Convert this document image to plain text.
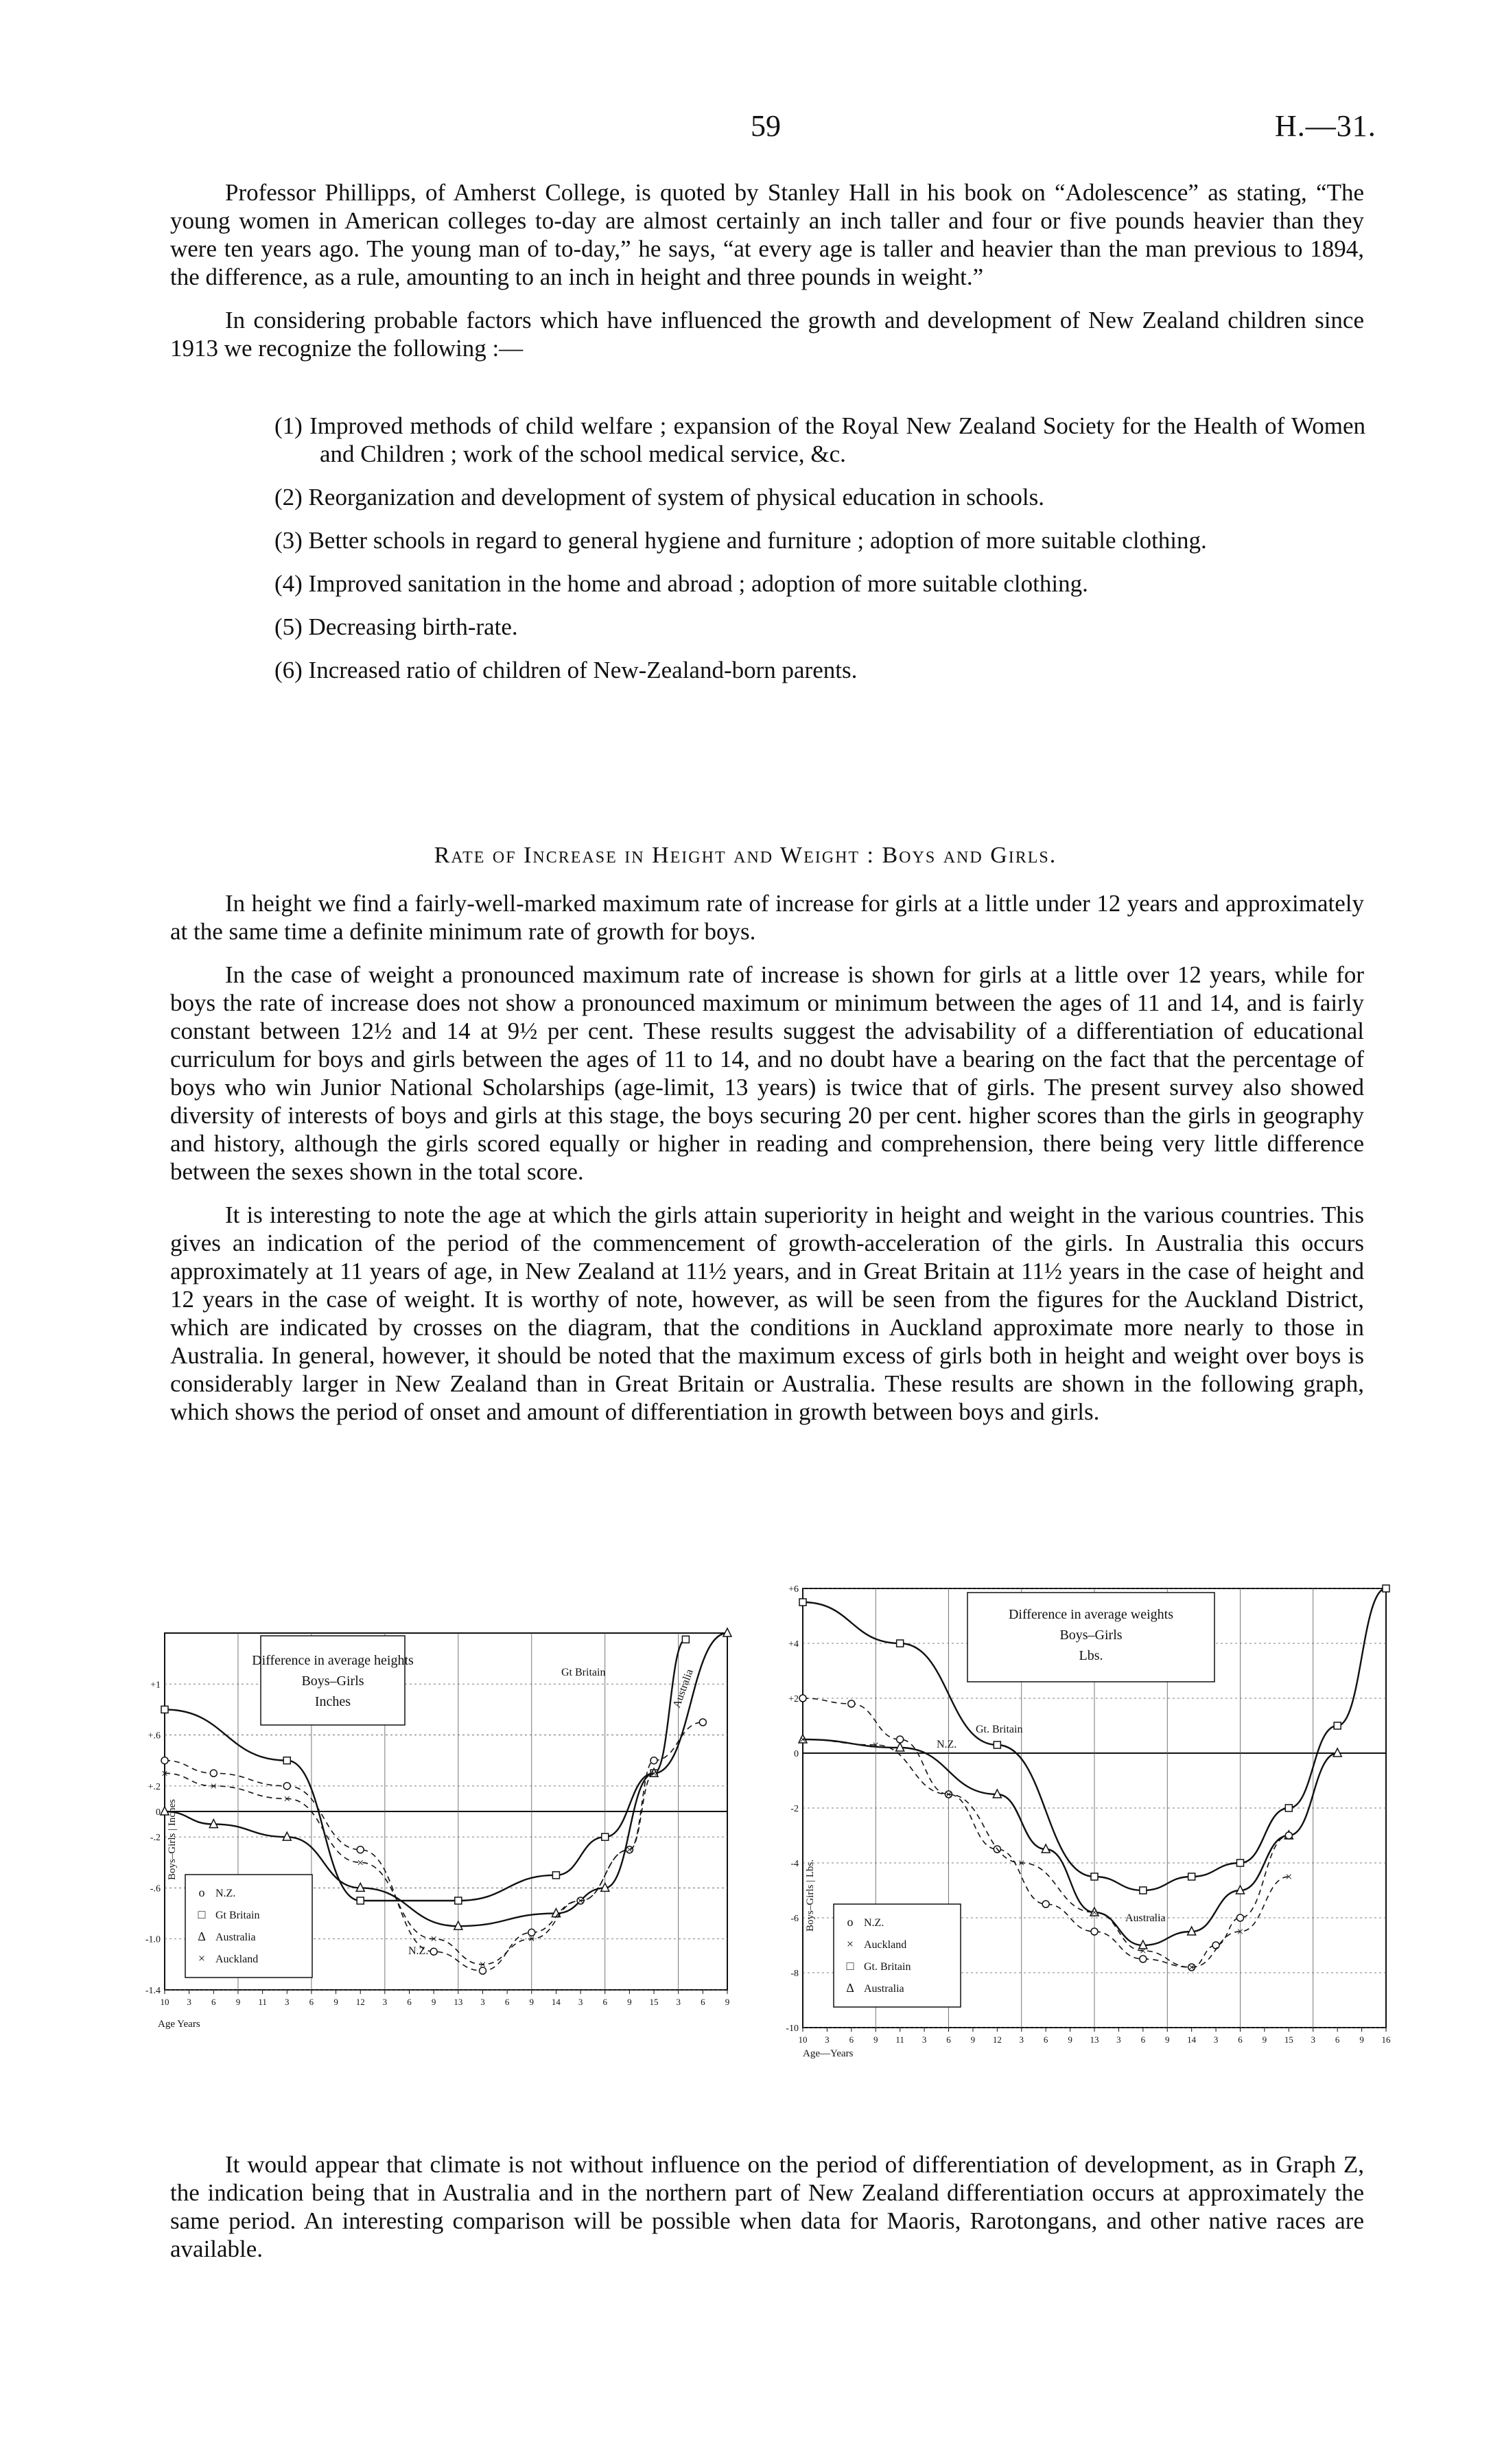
59	H.—31.

Professor Phillipps, of Amherst College, is quoted by Stanley Hall in his book on “Adolescence” as stating, “The young women in American colleges to-day are almost certainly an inch taller and four or five pounds heavier than they were ten years ago. The young man of to-day,” he says, “at every age is taller and heavier than the man previous to 1894, the difference, as a rule, amounting to an inch in height and three pounds in weight.”

In considering probable factors which have influenced the growth and development of New Zealand children since 1913 we recognize the following :—

(1) Improved methods of child welfare ; expansion of the Royal New Zealand Society for the Health of Women and Children ; work of the school medical service, &c.
(2) Reorganization and development of system of physical education in schools.
(3) Better schools in regard to general hygiene and furniture ; adoption of more suitable clothing.
(4) Improved sanitation in the home and abroad ; adoption of more suitable clothing.
(5) Decreasing birth-rate.
(6) Increased ratio of children of New-Zealand-born parents.
Rate of Increase in Height and Weight : Boys and Girls.

In height we find a fairly-well-marked maximum rate of increase for girls at a little under 12 years and approximately at the same time a definite minimum rate of growth for boys.

In the case of weight a pronounced maximum rate of increase is shown for girls at a little over 12 years, while for boys the rate of increase does not show a pronounced maximum or minimum between the ages of 11 and 14, and is fairly constant between 12½ and 14 at 9½ per cent. These results suggest the advisability of a differentiation of educational curriculum for boys and girls between the ages of 11 to 14, and no doubt have a bearing on the fact that the percentage of boys who win Junior National Scholarships (age-limit, 13 years) is twice that of girls. The present survey also showed diversity of interests of boys and girls at this stage, the boys securing 20 per cent. higher scores than the girls in geography and history, although the girls scored equally or higher in reading and comprehension, there being very little difference between the sexes shown in the total score.

It is interesting to note the age at which the girls attain superiority in height and weight in the various countries. This gives an indication of the period of the commencement of growth-acceleration of the girls. In Australia this occurs approximately at 11 years of age, in New Zealand at 11½ years, and in Great Britain at 11½ years in the case of height and 12 years in the case of weight. It is worthy of note, however, as will be seen from the figures for the Auckland District, which are indicated by crosses on the diagram, that the conditions in Auckland approximate more nearly to those in Australia. In general, however, it should be noted that the maximum excess of girls both in height and weight over boys is considerably larger in New Zealand than in Great Britain or Australia. These results are shown in the following graph, which shows the period of onset and amount of differentiation in growth between boys and girls.

+1
+.6
+.2
0
-.2
-.6
-1.0
-1.4
10 3 6 9 11 3 6 9 12 3 6 9 13 3 6 9 14 3 6 9 15 3 6 9
Difference in average heights
Boys–Girls
Inches
×
×
×
×
×
×
×
×
×
×
Gt Britain	Australia
N.Z.
o N.Z.
□ Gt Britain
Δ Australia
× Auckland
Boys–Girls | Inches
Age Years
+6
+4
+2
0
-2
-4
-6
-8
-10
10 3 6 9 11 3 6 9 12 3 6 9 13 3 6 9 14 3 6 9 15 3 6 9 16
Difference in average weights
Boys–Girls
Lbs.
×	×
×
×
×
×
×
×
×
Gt. Britain
N.Z.
Australia
o N.Z.
× Auckland
□ Gt. Britain
Δ Australia
Boys–Girls | Lbs.
Age—Years

It would appear that climate is not without influence on the period of differentiation of development, as in Graph Z, the indication being that in Australia and in the northern part of New Zealand differentiation occurs at approximately the same period. An interesting comparison will be possible when data for Maoris, Rarotongans, and other native races are available.
